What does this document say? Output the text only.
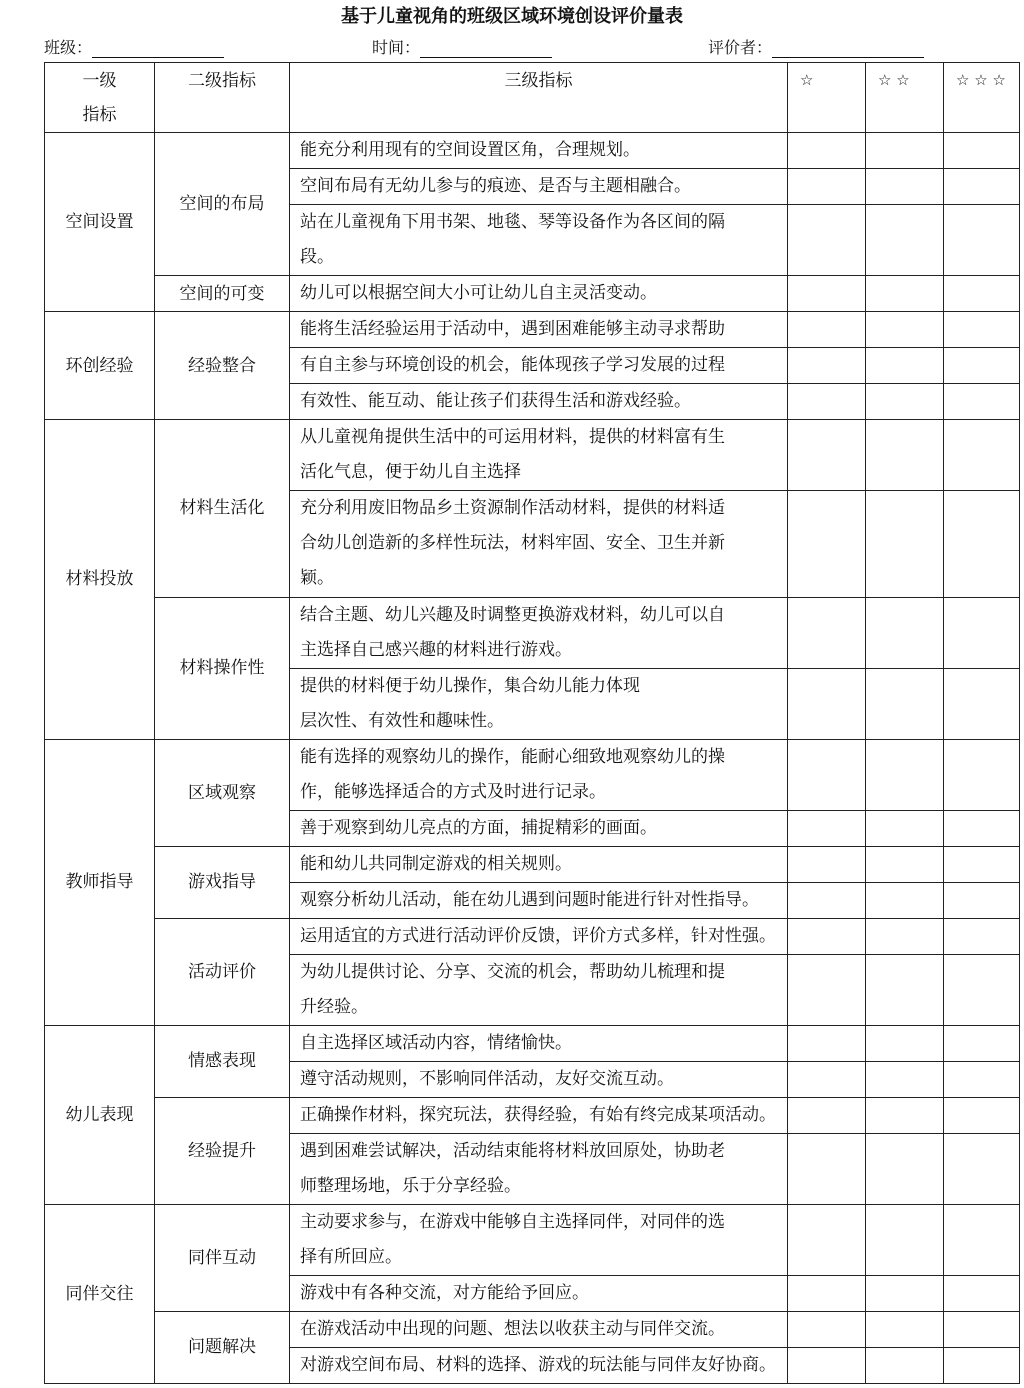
基于儿童视角的班级区域环境创设评价量表
班级：	时间：	评价者：
一级
指标	二级指标	三级指标	☆	☆ ☆	☆ ☆ ☆
空间设置	空间的布局	能充分利用现有的空间设置区角，合理规划。			

		空间布局有无幼儿参与的痕迹、是否与主题相融合。			

		站在儿童视角下用书架、地毯、琴等设备作为各区间的隔
段。			

	空间的可变	幼儿可以根据空间大小可让幼儿自主灵活变动。			

环创经验	经验整合	能将生活经验运用于活动中，遇到困难能够主动寻求帮助			

		有自主参与环境创设的机会，能体现孩子学习发展的过程			

		有效性、能互动、能让孩子们获得生活和游戏经验。			

材料投放	材料生活化	从儿童视角提供生活中的可运用材料，提供的材料富有生
活化气息，便于幼儿自主选择			

		充分利用废旧物品乡土资源制作活动材料，提供的材料适
合幼儿创造新的多样性玩法，材料牢固、安全、卫生并新
颖。			

	材料操作性	结合主题、幼儿兴趣及时调整更换游戏材料，幼儿可以自
主选择自己感兴趣的材料进行游戏。			

		提供的材料便于幼儿操作，集合幼儿能力体现
层次性、有效性和趣味性。			

教师指导	区域观察	能有选择的观察幼儿的操作，能耐心细致地观察幼儿的操
作，能够选择适合的方式及时进行记录。			

		善于观察到幼儿亮点的方面，捕捉精彩的画面。			

	游戏指导	能和幼儿共同制定游戏的相关规则。			

		观察分析幼儿活动，能在幼儿遇到问题时能进行针对性指导。			

	活动评价	运用适宜的方式进行活动评价反馈，评价方式多样，针对性强。			

		为幼儿提供讨论、分享、交流的机会，帮助幼儿梳理和提
升经验。			

幼儿表现	情感表现	自主选择区域活动内容，情绪愉快。			

		遵守活动规则，不影响同伴活动，友好交流互动。			

	经验提升	正确操作材料，探究玩法，获得经验，有始有终完成某项活动。			

		遇到困难尝试解决，活动结束能将材料放回原处，协助老
师整理场地，乐于分享经验。			

同伴交往	同伴互动	主动要求参与，在游戏中能够自主选择同伴，对同伴的选
择有所回应。			

		游戏中有各种交流，对方能给予回应。			

	问题解决	在游戏活动中出现的问题、想法以收获主动与同伴交流。			

		对游戏空间布局、材料的选择、游戏的玩法能与同伴友好协商。			
